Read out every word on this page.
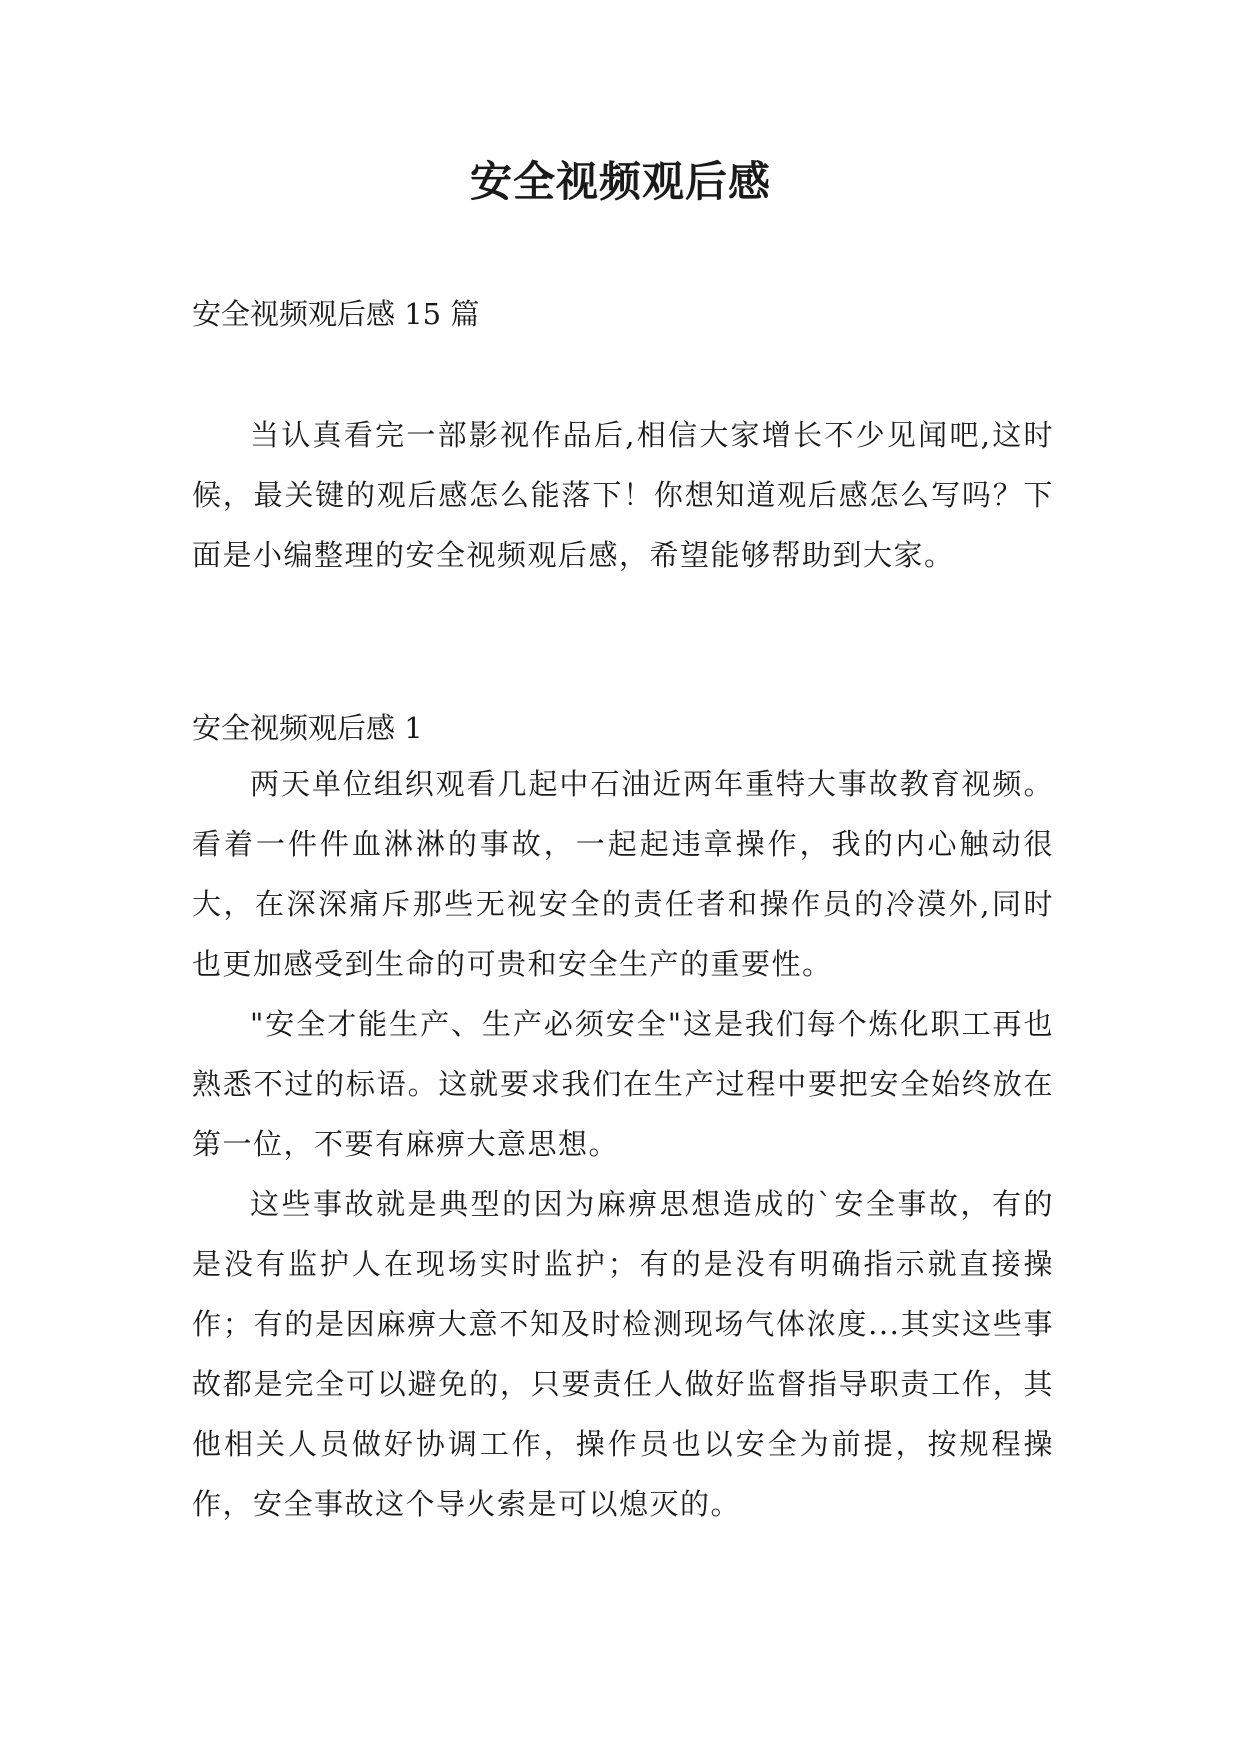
安全视频观后感

安全视频观后感 15 篇

当认真看完一部影视作品后,相信大家增长不少见闻吧,这时候，最关键的观后感怎么能落下！你想知道观后感怎么写吗？下面是小编整理的安全视频观后感，希望能够帮助到大家。

安全视频观后感 1

两天单位组织观看几起中石油近两年重特大事故教育视频。看着一件件血淋淋的事故，一起起违章操作，我的内心触动很大，在深深痛斥那些无视安全的责任者和操作员的冷漠外,同时也更加感受到生命的可贵和安全生产的重要性。

"安全才能生产、生产必须安全"这是我们每个炼化职工再也熟悉不过的标语。这就要求我们在生产过程中要把安全始终放在第一位，不要有麻痹大意思想。

这些事故就是典型的因为麻痹思想造成的`安全事故，有的是没有监护人在现场实时监护；有的是没有明确指示就直接操作；有的是因麻痹大意不知及时检测现场气体浓度...其实这些事故都是完全可以避免的，只要责任人做好监督指导职责工作，其他相关人员做好协调工作，操作员也以安全为前提，按规程操作，安全事故这个导火索是可以熄灭的。
